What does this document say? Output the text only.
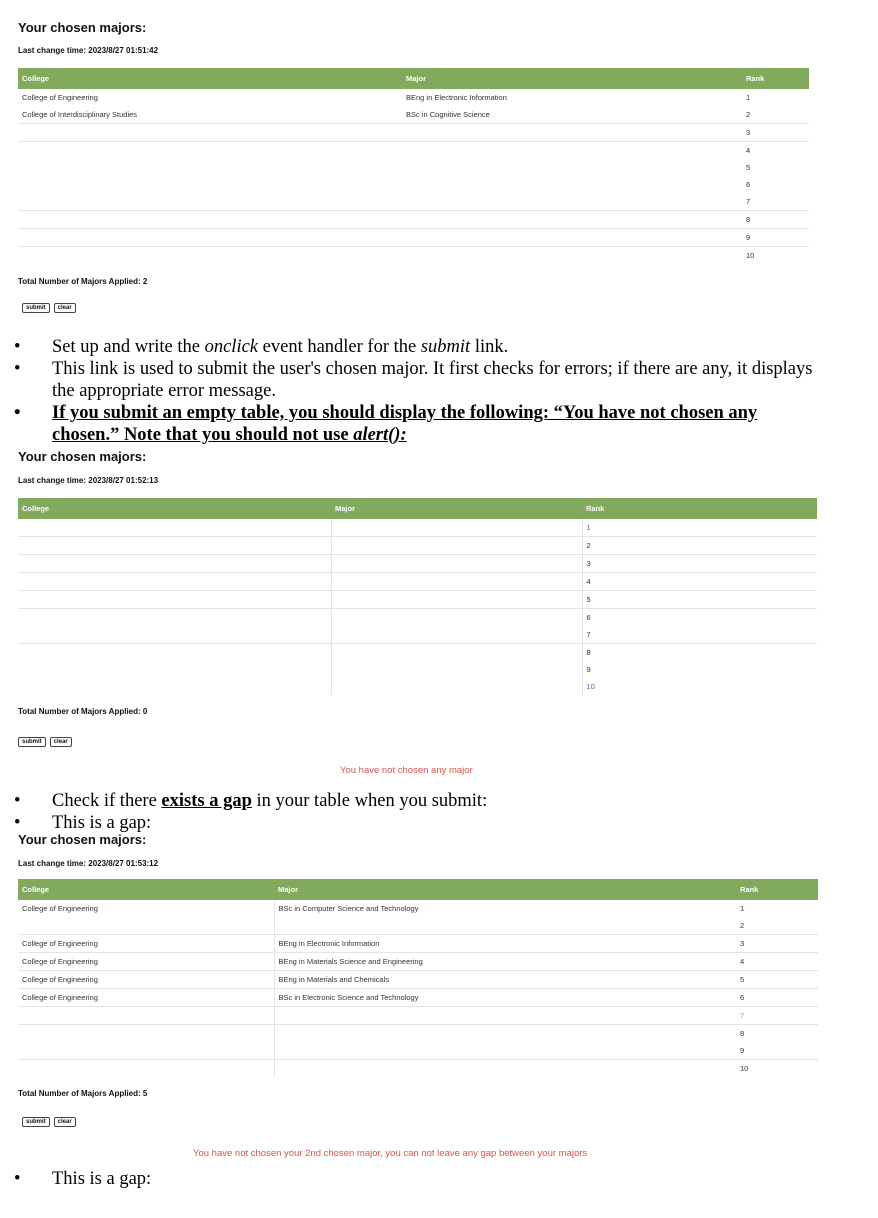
Your chosen majors:
Last change time: 2023/8/27 01:51:42
College	Major	Rank
College of Engineering	BEng in Electronic Information	1
College of Interdisciplinary Studies	BSc in Cognitive Science	2
		3
		4
		5
		6
		7
		8
		9
		10
Total Number of Majors Applied: 2
submit	clear
• Set up and write the onclick event handler for the submit link.
• This link is used to submit the user's chosen major. It first checks for errors; if there are any, it displays the appropriate error message.
• If you submit an empty table, you should display the following: “You have not chosen any chosen.” Note that you should not use alert():
Your chosen majors:
Last change time: 2023/8/27 01:52:13
College	Major	Rank
		1
		2
		3
		4
		5
		6
		7
		8
		9
		10
Total Number of Majors Applied: 0
submit	clear
You have not chosen any major
• Check if there exists a gap in your table when you submit:
• This is a gap:
Your chosen majors:
Last change time: 2023/8/27 01:53:12
College	Major	Rank
College of Engineering	BSc in Computer Science and Technology	1
		2
College of Engineering	BEng in Electronic Information	3
College of Engineering	BEng in Materials Science and Engineering	4
College of Engineering	BEng in Materials and Chemicals	5
College of Engineering	BSc in Electronic Science and Technology	6
		7
		8
		9
		10
Total Number of Majors Applied: 5
submit	clear
You have not chosen your 2nd chosen major, you can not leave any gap between your majors
• This is a gap:
